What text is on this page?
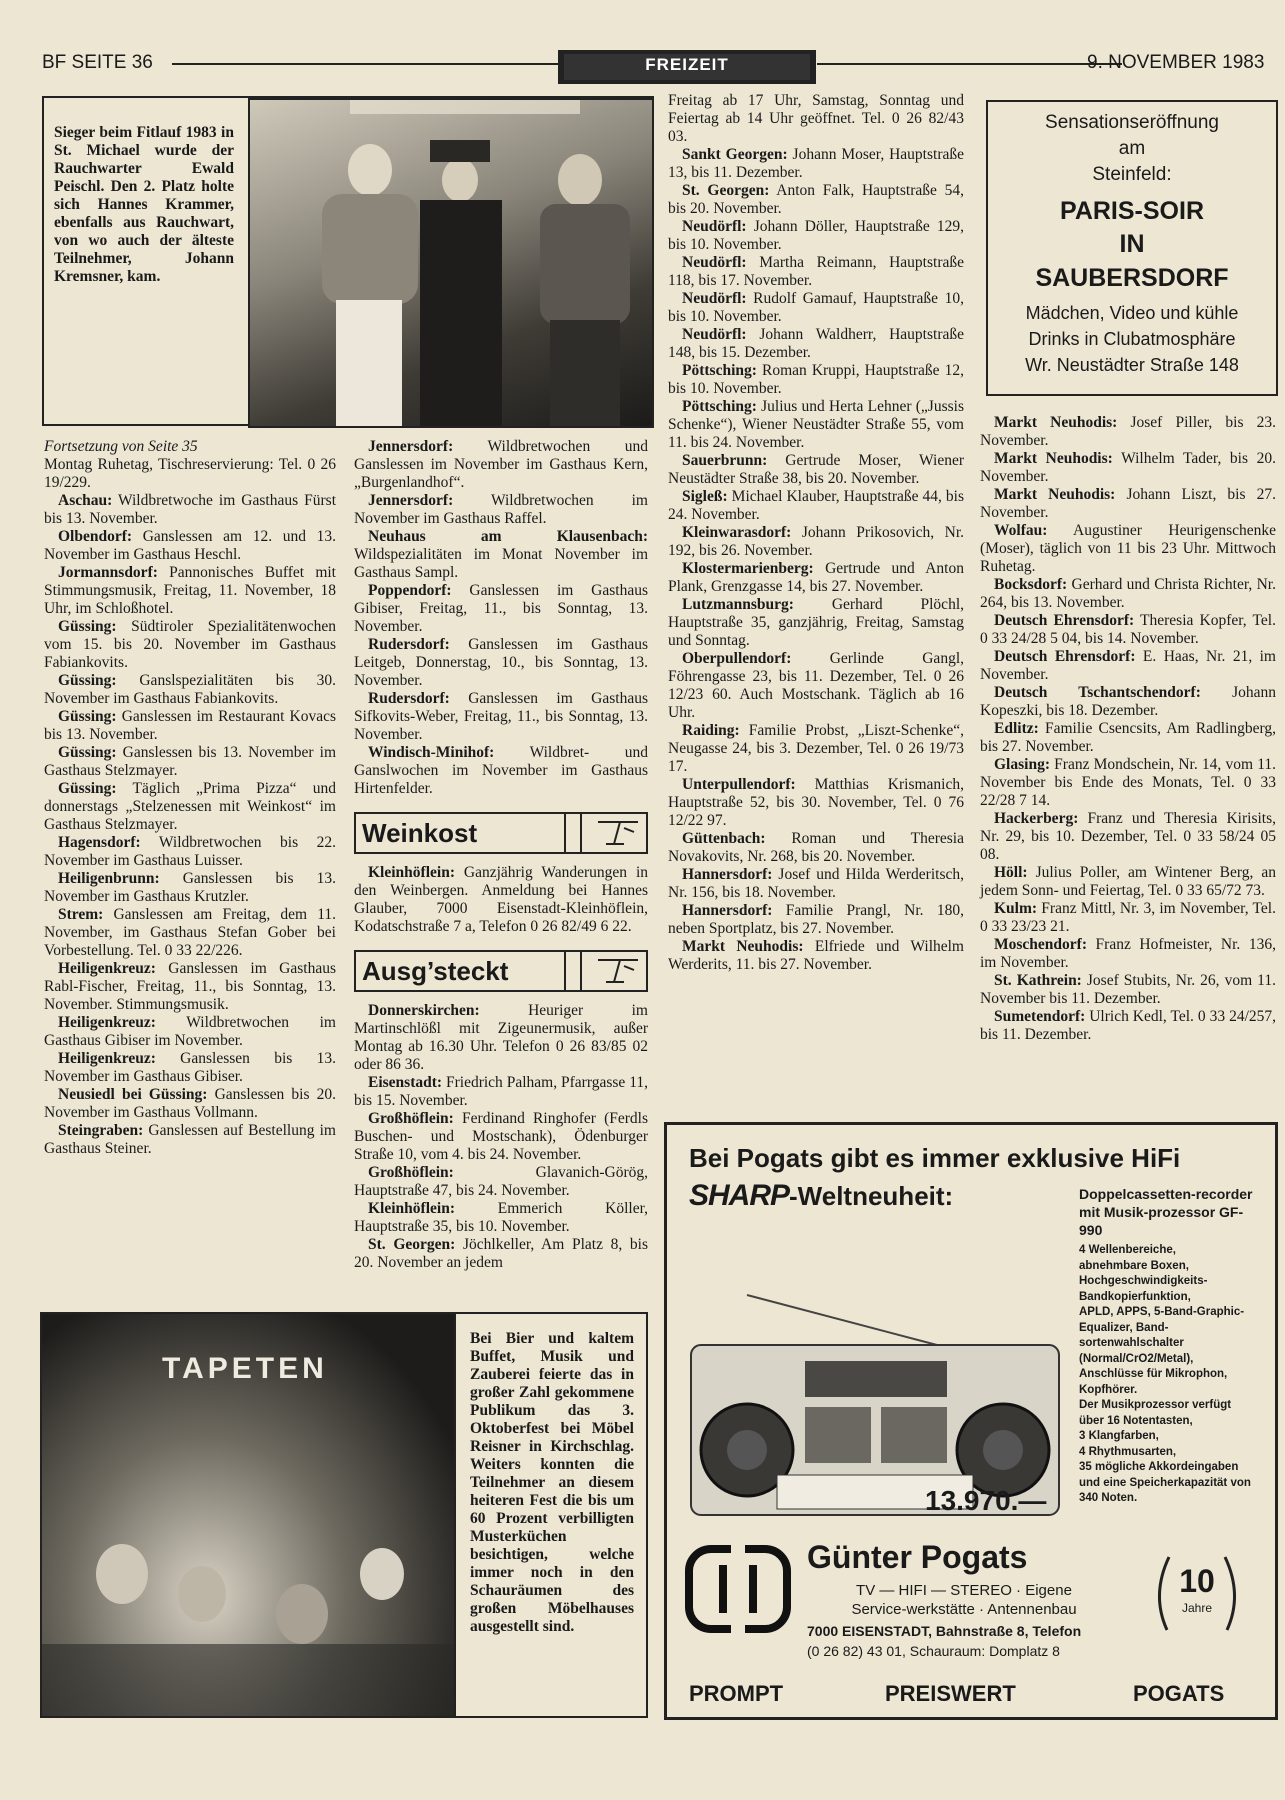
BF SEITE 36	FREIZEIT	9. NOVEMBER 1983
Sieger beim Fitlauf 1983 in St. Michael wurde der Rauchwarter Ewald Peischl. Den 2. Platz holte sich Hannes Krammer, ebenfalls aus Rauchwart, von wo auch der älteste Teilnehmer, Johann Kremsner, kam.

Fortsetzung von Seite 35

Montag Ruhetag, Tischreservierung: Tel. 0 26 19/229.

Aschau: Wildbretwoche im Gasthaus Fürst bis 13. November.

Olbendorf: Ganslessen am 12. und 13. November im Gasthaus Heschl.

Jormannsdorf: Pannonisches Buffet mit Stimmungsmusik, Freitag, 11. November, 18 Uhr, im Schloßhotel.

Güssing: Südtiroler Spezialitätenwochen vom 15. bis 20. November im Gasthaus Fabiankovits.

Güssing: Ganslspezialitäten bis 30. November im Gasthaus Fabiankovits.

Güssing: Ganslessen im Restaurant Kovacs bis 13. November.

Güssing: Ganslessen bis 13. November im Gasthaus Stelzmayer.

Güssing: Täglich „Prima Pizza“ und donnerstags „Stelzenessen mit Weinkost“ im Gasthaus Stelzmayer.

Hagensdorf: Wildbretwochen bis 22. November im Gasthaus Luisser.

Heiligenbrunn: Ganslessen bis 13. November im Gasthaus Krutzler.

Strem: Ganslessen am Freitag, dem 11. November, im Gasthaus Stefan Gober bei Vorbestellung. Tel. 0 33 22/226.

Heiligenkreuz: Ganslessen im Gasthaus Rabl-Fischer, Freitag, 11., bis Sonntag, 13. November. Stimmungsmusik.

Heiligenkreuz: Wildbretwochen im Gasthaus Gibiser im November.

Heiligenkreuz: Ganslessen bis 13. November im Gasthaus Gibiser.

Neusiedl bei Güssing: Ganslessen bis 20. November im Gasthaus Vollmann.

Steingraben: Ganslessen auf Bestellung im Gasthaus Steiner.

Jennersdorf: Wildbretwochen und Ganslessen im November im Gasthaus Kern, „Burgenlandhof“.

Jennersdorf: Wildbretwochen im November im Gasthaus Raffel.

Neuhaus am Klausenbach: Wildspezialitäten im Monat November im Gasthaus Sampl.

Poppendorf: Ganslessen im Gasthaus Gibiser, Freitag, 11., bis Sonntag, 13. November.

Rudersdorf: Ganslessen im Gasthaus Leitgeb, Donnerstag, 10., bis Sonntag, 13. November.

Rudersdorf: Ganslessen im Gasthaus Sifkovits-Weber, Freitag, 11., bis Sonntag, 13. November.

Windisch-Minihof: Wildbret- und Ganslwochen im November im Gasthaus Hirtenfelder.

Weinkost

Kleinhöflein: Ganzjährig Wanderungen in den Weinbergen. Anmeldung bei Hannes Glauber, 7000 Eisenstadt-Kleinhöflein, Kodatschstraße 7 a, Telefon 0 26 82/49 6 22.

Ausg’steckt

Donnerskirchen: Heuriger im Martinschlößl mit Zigeunermusik, außer Montag ab 16.30 Uhr. Telefon 0 26 83/85 02 oder 86 36.

Eisenstadt: Friedrich Palham, Pfarrgasse 11, bis 15. November.

Großhöflein: Ferdinand Ringhofer (Ferdls Buschen- und Mostschank), Ödenburger Straße 10, vom 4. bis 24. November.

Großhöflein: Glavanich-Görög, Hauptstraße 47, bis 24. November.

Kleinhöflein: Emmerich Köller, Hauptstraße 35, bis 10. November.

St. Georgen: Jöchlkeller, Am Platz 8, bis 20. November an jedem

Freitag ab 17 Uhr, Samstag, Sonntag und Feiertag ab 14 Uhr geöffnet. Tel. 0 26 82/43 03.

Sankt Georgen: Johann Moser, Hauptstraße 13, bis 11. Dezember.

St. Georgen: Anton Falk, Hauptstraße 54, bis 20. November.

Neudörfl: Johann Döller, Hauptstraße 129, bis 10. November.

Neudörfl: Martha Reimann, Hauptstraße 118, bis 17. November.

Neudörfl: Rudolf Gamauf, Hauptstraße 10, bis 10. November.

Neudörfl: Johann Waldherr, Hauptstraße 148, bis 15. Dezember.

Pöttsching: Roman Kruppi, Hauptstraße 12, bis 10. November.

Pöttsching: Julius und Herta Lehner („Jussis Schenke“), Wiener Neustädter Straße 55, vom 11. bis 24. November.

Sauerbrunn: Gertrude Moser, Wiener Neustädter Straße 38, bis 20. November.

Sigleß: Michael Klauber, Hauptstraße 44, bis 24. November.

Kleinwarasdorf: Johann Prikosovich, Nr. 192, bis 26. November.

Klostermarienberg: Gertrude und Anton Plank, Grenzgasse 14, bis 27. November.

Lutzmannsburg: Gerhard Plöchl, Hauptstraße 35, ganzjährig, Freitag, Samstag und Sonntag.

Oberpullendorf: Gerlinde Gangl, Föhrengasse 23, bis 11. Dezember, Tel. 0 26 12/23 60. Auch Mostschank. Täglich ab 16 Uhr.

Raiding: Familie Probst, „Liszt-Schenke“, Neugasse 24, bis 3. Dezember, Tel. 0 26 19/73 17.

Unterpullendorf: Matthias Krismanich, Hauptstraße 52, bis 30. November, Tel. 0 76 12/22 97.

Güttenbach: Roman und Theresia Novakovits, Nr. 268, bis 20. November.

Hannersdorf: Josef und Hilda Werderitsch, Nr. 156, bis 18. November.

Hannersdorf: Familie Prangl, Nr. 180, neben Sportplatz, bis 27. November.

Markt Neuhodis: Elfriede und Wilhelm Werderits, 11. bis 27. November.

Sensationseröffnung
am
Steinfeld:
PARIS-SOIR
IN
SAUBERSDORF
Mädchen, Video und kühle
Drinks in Clubatmosphäre
Wr. Neustädter Straße 148

Markt Neuhodis: Josef Piller, bis 23. November.

Markt Neuhodis: Wilhelm Tader, bis 20. November.

Markt Neuhodis: Johann Liszt, bis 27. November.

Wolfau: Augustiner Heurigenschenke (Moser), täglich von 11 bis 23 Uhr. Mittwoch Ruhetag.

Bocksdorf: Gerhard und Christa Richter, Nr. 264, bis 13. November.

Deutsch Ehrensdorf: Theresia Kopfer, Tel. 0 33 24/28 5 04, bis 14. November.

Deutsch Ehrensdorf: E. Haas, Nr. 21, im November.

Deutsch Tschantschendorf: Johann Kopeszki, bis 18. Dezember.

Edlitz: Familie Csencsits, Am Radlingberg, bis 27. November.

Glasing: Franz Mondschein, Nr. 14, vom 11. November bis Ende des Monats, Tel. 0 33 22/28 7 14.

Hackerberg: Franz und Theresia Kirisits, Nr. 29, bis 10. Dezember, Tel. 0 33 58/24 05 08.

Höll: Julius Poller, am Wintener Berg, an jedem Sonn- und Feiertag, Tel. 0 33 65/72 73.

Kulm: Franz Mittl, Nr. 3, im November, Tel. 0 33 23/23 21.

Moschendorf: Franz Hofmeister, Nr. 136, im November.

St. Kathrein: Josef Stubits, Nr. 26, vom 11. November bis 11. Dezember.

Sumetendorf: Ulrich Kedl, Tel. 0 33 24/257, bis 11. Dezember.

TAPETEN
Bei Bier und kaltem Buffet, Musik und Zauberei feierte das in großer Zahl gekommene Publikum das 3. Oktoberfest bei Möbel Reisner in Kirchschlag. Weiters konnten die Teilnehmer an diesem heiteren Fest die bis um 60 Prozent verbilligten Musterküchen besichtigen, welche immer noch in den Schauräumen des großen Möbelhauses ausgestellt sind.
Bei Pogats gibt es immer exklusive HiFi
SHARP-Weltneuheit:	Doppelcassetten-recorder mit Musik-prozessor GF-990
4 Wellenbereiche,
abnehmbare Boxen,
Hochgeschwindigkeits-Bandkopierfunktion,
APLD, APPS, 5-Band-Graphic-Equalizer, Band-sortenwahlschalter (Normal/CrO2/Metal),
Anschlüsse für Mikrophon, Kopfhörer.
Der Musikprozessor verfügt über 16 Notentasten,
3 Klangfarben,
4 Rhythmusarten,
35 mögliche Akkordeingaben und eine Speicherkapazität von 340 Noten.
13.970.—
Günter Pogats
TV — HIFI — STEREO · Eigene Service-werkstätte · Antennenbau
7000 EISENSTADT, Bahnstraße 8, Telefon
(0 26 82) 43 01, Schauraum: Domplatz 8
10
Jahre
PROMPT	PREISWERT	POGATS
